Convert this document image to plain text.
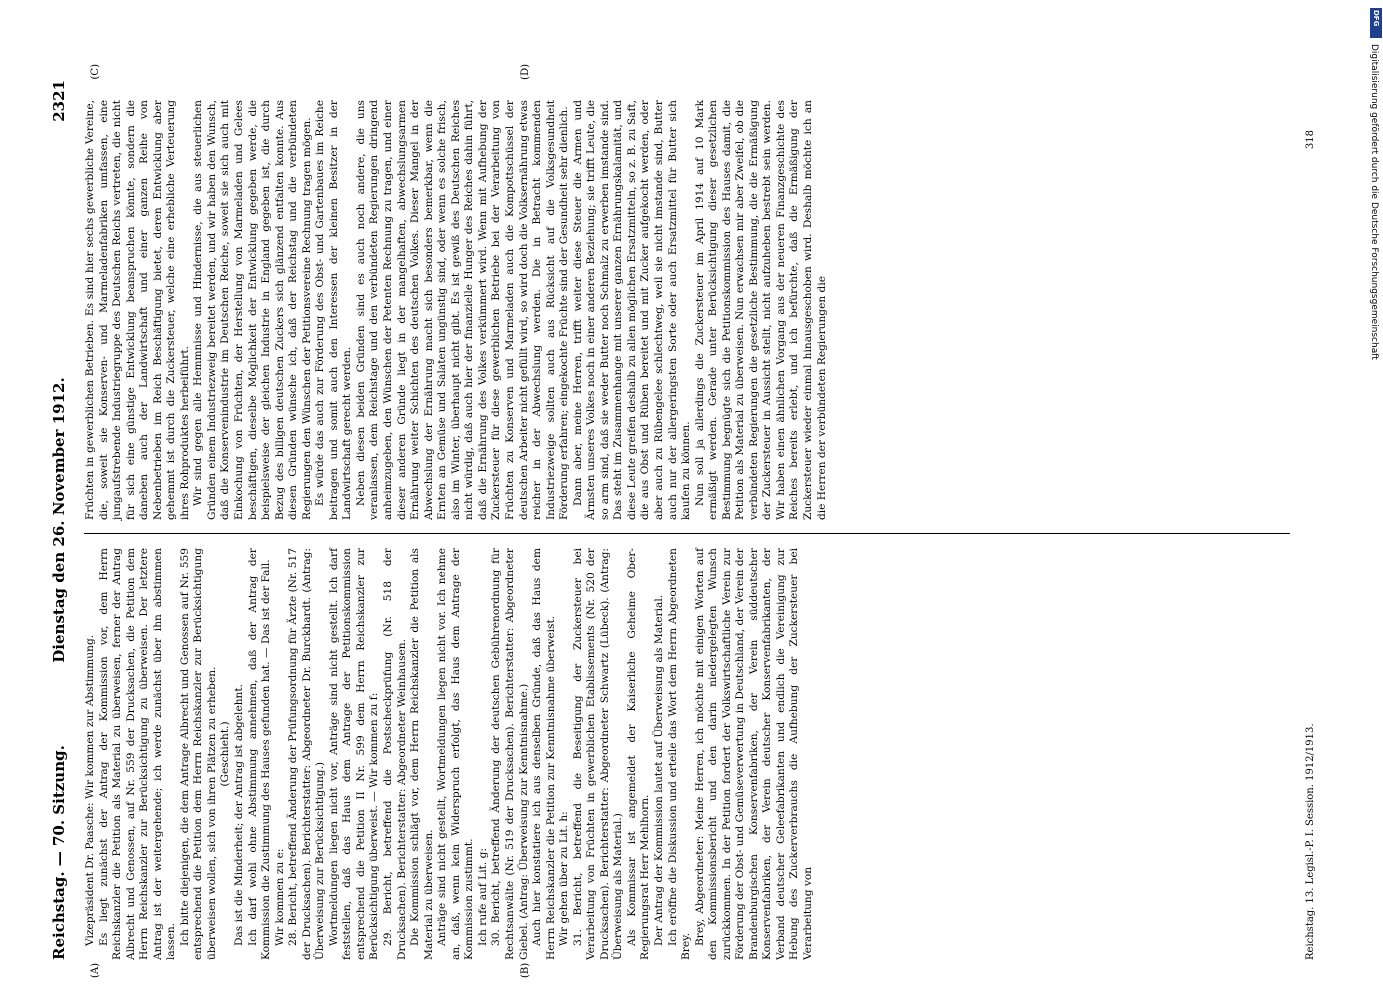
Reichstag. — 70. Sitzung.
Dienstag den 26. November 1912.
2321
(A)	(B)
(C)	(D)

Vizepräsident Dr. Paasche: Wir kommen zur Abstimmung. Es liegt zunächst der Antrag der Kommission vor, dem Herrn Reichskanzler die Petition als Material zu überweisen, ferner der Antrag Albrecht und Genossen, auf Nr. 559 der Drucksachen, die Petition dem Herrn Reichskanzler zur Berücksichtigung zu überweisen. Der letztere Antrag ist der weitergehende; ich werde zunächst über ihn abstimmen lassen. Ich bitte diejenigen, die dem Antrage Albrecht und Genossen auf Nr. 559 entsprechend die Petition dem Herrn Reichskanzler zur Berücksichtigung überweisen wollen, sich von ihren Plätzen zu erheben. (Geschieht.) Das ist die Minderheit; der Antrag ist abgelehnt. Ich darf wohl ohne Abstimmung annehmen, daß der Antrag der Kommission die Zustimmung des Hauses gefunden hat. — Das ist der Fall. Wir kommen zu e: 28. Bericht, betreffend Änderung der Prüfungsordnung für Ärzte (Nr. 517 der Drucksachen). Berichterstatter: Abgeordneter Dr. Burckhardt. (Antrag: Überweisung zur Berücksichtigung.) Wortmeldungen liegen nicht vor, Anträge sind nicht gestellt. Ich darf feststellen, daß das Haus dem Antrage der Petitionskommission entsprechend die Petition II Nr. 599 dem Herrn Reichskanzler zur Berücksichtigung überweist. — Wir kommen zu f: 29. Bericht, betreffend die Postscheckprüfung (Nr. 518 der Drucksachen). Berichterstatter: Abgeordneter Weinhausen. Die Kommission schlägt vor, dem Herrn Reichskanzler die Petition als Material zu überweisen. Anträge sind nicht gestellt, Wortmeldungen liegen nicht vor. Ich nehme an, daß, wenn kein Widerspruch erfolgt, das Haus dem Antrage der Kommission zustimmt. Ich rufe auf Lit. g: 30. Bericht, betreffend Änderung der deutschen Gebührenordnung für Rechtsanwälte (Nr. 519 der Drucksachen). Berichterstatter: Abgeordneter Giebel. (Antrag: Überweisung zur Kenntnisnahme.) Auch hier konstatiere ich aus denselben Gründe, daß das Haus dem Herrn Reichskanzler die Petition zur Kenntnisnahme überweist. Wir gehen über zu Lit. h: 31. Bericht, betreffend die Beseitigung der Zuckersteuer bei Verarbeitung von Früchten in gewerblichen Etablissements (Nr. 520 der Drucksachen). Berichterstatter: Abgeordneter Schwartz (Lübeck). (Antrag: Überweisung als Material.) Als Kommissar ist angemeldet der Kaiserliche Geheime Ober-Regierungsrat Herr Mehlhorn. Der Antrag der Kommission lautet auf Überweisung als Material. Ich eröffne die Diskussion und erteile das Wort dem Herrn Abgeordneten Brey.

Brey, Abgeordneter: Meine Herren, ich möchte mit einigen Worten auf den Kommissionsbericht und den darin niedergelegten Wunsch zurückkommen. In der Petition fordert der Volkswirtschaftliche Verein zur Förderung der Obst- und Gemüseverwertung in Deutschland, der Verein der Brandenburgischen Konservenfabriken, der Verein süddeutscher Konservenfabriken, der Verein deutscher Konservenfabrikanten, der Verband deutscher Geleefabrikanten und endlich die Vereinigung zur Hebung des Zuckerverbrauchs die Aufhebung der Zuckersteuer bei Verarbeitung von

Früchten in gewerblichen Betrieben. Es sind hier sechs gewerbliche Vereine, die, soweit sie Konserven- und Marmeladenfabriken umfassen, eine jungaufstrebende Industriegruppe des Deutschen Reichs vertreten, die nicht für sich eine günstige Entwicklung beanspruchen könnte, sondern die daneben auch der Landwirtschaft und einer ganzen Reihe von Nebenbetrieben im Reich Beschäftigung bietet, deren Entwicklung aber gehemmt ist durch die Zuckersteuer, welche eine erhebliche Verteuerung ihres Rohproduktes herbeiführt. Wir sind gegen alle Hemmnisse und Hindernisse, die aus steuerlichen Gründen einem Industriezweig bereitet werden, und wir haben den Wunsch, daß die Konservenindustrie im Deutschen Reiche, soweit sie sich auch mit Einkochung von Früchten, der Herstellung von Marmeladen und Gelees beschäftigen, dieselbe Möglichkeit der Entwicklung gegeben werde, die beispielsweise der gleichen Industrie in England gegeben ist, die durch Bezug des billigen deutschen Zuckers sich glänzend entfalten konnte. Aus diesen Gründen wünsche ich, daß der Reichstag und die verbündeten Regierungen den Wünschen der Petitionsvereine Rechnung tragen mögen. Es würde das auch zur Förderung des Obst- und Gartenbaues im Reiche beitragen und somit auch den Interessen der kleinen Besitzer in der Landwirtschaft gerecht werden. Neben diesen beiden Gründen sind es auch noch andere, die uns veranlassen, dem Reichstage und den verbündeten Regierungen dringend anheimzugeben, den Wünschen der Petenten Rechnung zu tragen, und einer dieser anderen Gründe liegt in der mangelhaften, abwechslungsarmen Ernährung weiter Schichten des deutschen Volkes. Dieser Mangel in der Abwechslung der Ernährung macht sich besonders bemerkbar, wenn die Ernten an Gemüse und Salaten ungünstig sind, oder wenn es solche frisch, also im Winter, überhaupt nicht gibt. Es ist gewiß des Deutschen Reiches nicht würdig, daß auch hier der finanzielle Hunger des Reiches dahin führt, daß die Ernährung des Volkes verkümmert wird. Wenn mit Aufhebung der Zuckersteuer für diese gewerblichen Betriebe bei der Verarbeitung von Früchten zu Konserven und Marmeladen auch die Kompottschüssel der deutschen Arbeiter nicht gefüllt wird, so wird doch die Volksernährung etwas reicher in der Abwechslung werden. Die in Betracht kommenden Industriezweige sollten auch aus Rücksicht auf die Volksgesundheit Förderung erfahren; eingekochte Früchte sind der Gesundheit sehr dienlich. Dann aber, meine Herren, trifft weiter diese Steuer die Armen und Ärmsten unseres Volkes noch in einer anderen Beziehung; sie trifft Leute, die so arm sind, daß sie weder Butter noch Schmalz zu erwerben imstande sind. Das steht im Zusammenhange mit unserer ganzen Ernährungskalamität, und diese Leute greifen deshalb zu allen möglichen Ersatzmitteln, so z. B. zu Saft, die aus Obst und Rüben bereitet und mit Zucker aufgekocht werden, oder aber auch zu Rübengelee schlechtweg, weil sie nicht imstande sind, Butter auch nur der allergeringsten Sorte oder auch Ersatzmittel für Butter sich kaufen zu können. Nun soll ja allerdings die Zuckersteuer im April 1914 auf 10 Mark ermäßigt werden. Gerade unter Berücksichtigung dieser gesetzlichen Bestimmung begnügte sich die Petitionskommission des Hauses damit, die Petition als Material zu überweisen. Nun erwachsen mir aber Zweifel, ob die verbündeten Regierungen die gesetzliche Bestimmung, die die Ermäßigung der Zuckersteuer in Aussicht stellt, nicht aufzuheben bestrebt sein werden. Wir haben einen ähnlichen Vorgang aus der neueren Finanzgeschichte des Reiches bereits erlebt, und ich befürchte, daß die Ermäßigung der Zuckersteuer wieder einmal hinausgeschoben wird. Deshalb möchte ich an die Herren der verbündeten Regierungen die

Reichstag. 13. Legisl.-P. I. Session. 1912/1913.
318
DFG
Digitalisierung gefördert durch die Deutsche Forschungsgemeinschaft
